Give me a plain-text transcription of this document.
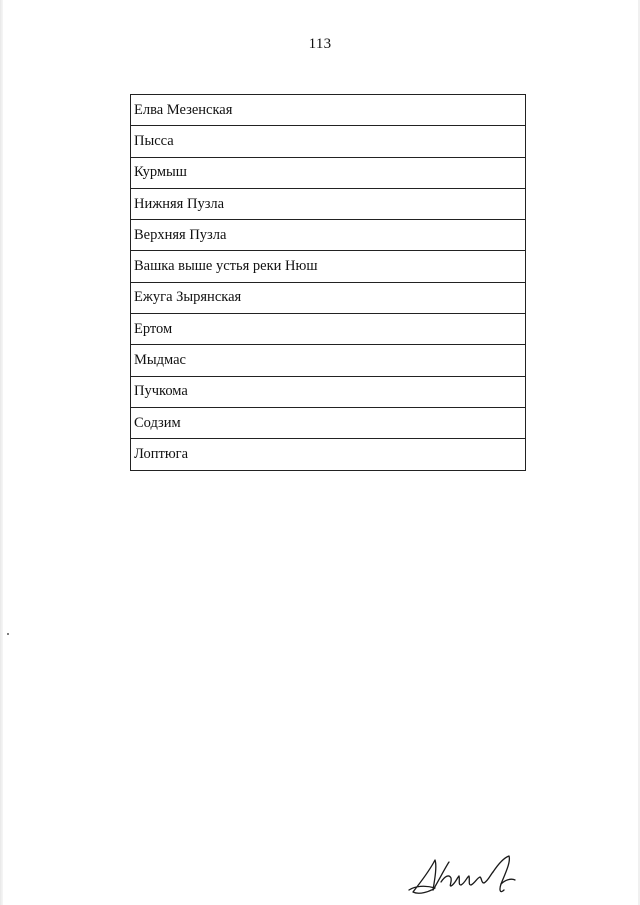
113
Елва Мезенская
Пысса
Курмыш
Нижняя Пузла
Верхняя Пузла
Вашка выше устья реки Нюш
Ежуга Зырянская
Ертом
Мыдмас
Пучкома
Содзим
Лоптюга
